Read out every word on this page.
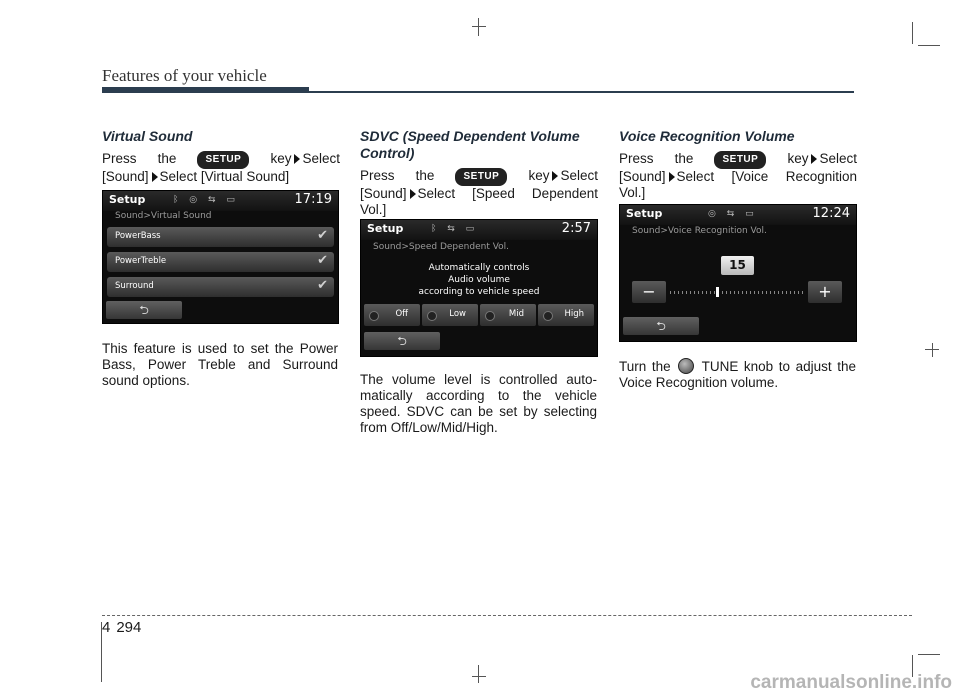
Features of your vehicle

Virtual Sound

Press the	SETUP key Select

[Sound] Select [Virtual Sound]

Setup	ᛒ ◎ ⇆ ▭	17:19
Sound>Virtual Sound
PowerBass	✔
PowerTreble	✔
Surround	✔
⮌

This feature is used to set the Power Bass, Power Treble and Surround sound options.

SDVC (Speed Dependent Volume Control)

Press the	SETUP key Select

[Sound] Select [Speed Dependent Vol.]

Setup	ᛒ ⇆ ▭	2:57
Sound>Speed Dependent Vol.
Automatically controls
Audio volume
according to vehicle speed
Off	Low	Mid	High
⮌

The volume level is controlled auto- matically according to the vehicle speed. SDVC can be set by selecting from Off/Low/Mid/High.

Voice Recognition Volume

Press the	SETUP key Select

[Sound] Select [Voice Recognition Vol.]

Setup	◎ ⇆ ▭	12:24
Sound>Voice Recognition Vol.
15
−	+
⮌

Turn the TUNE knob to adjust the Voice Recognition volume.

4 294
carmanualsonline.info
